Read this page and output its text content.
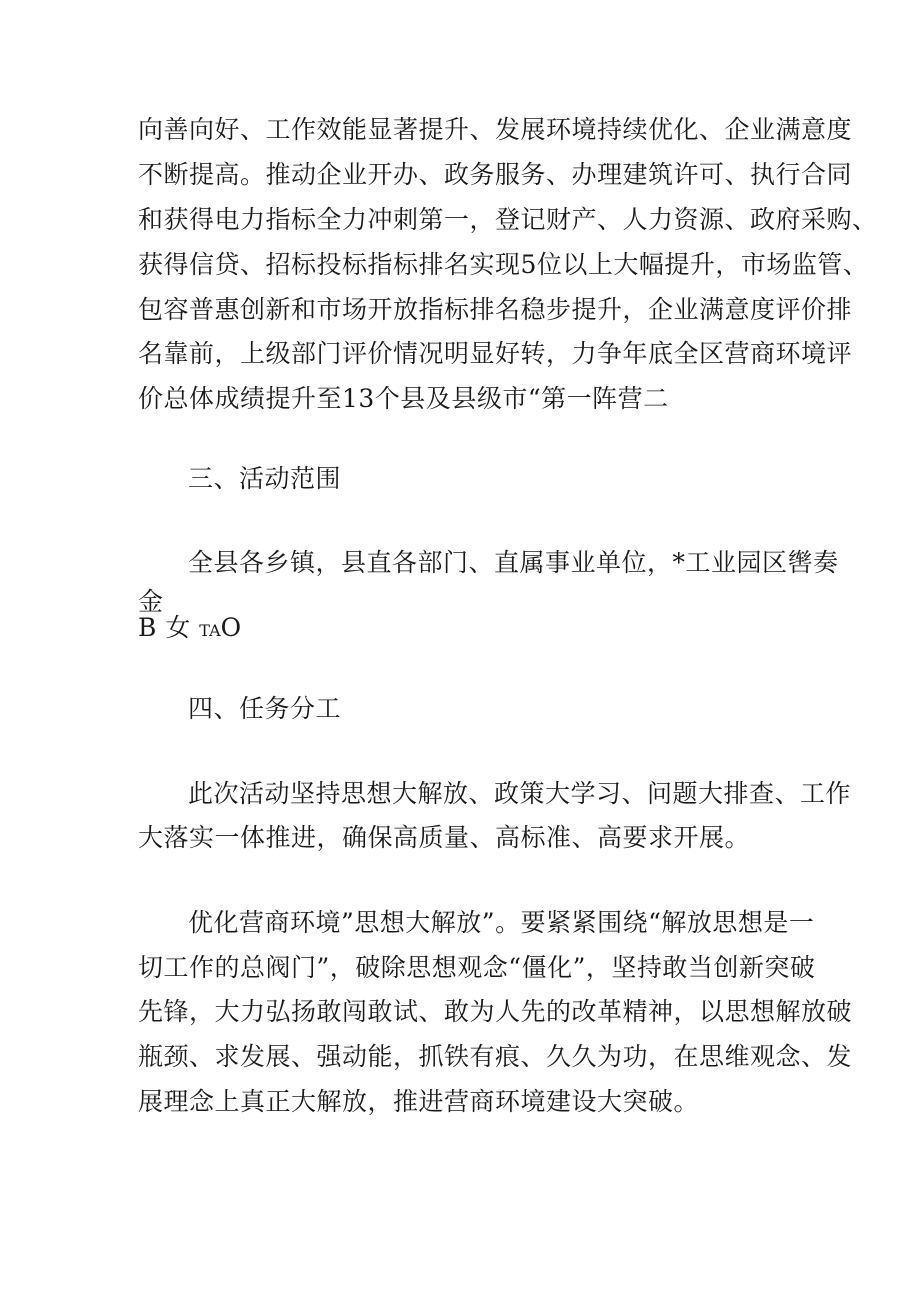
向善向好、工作效能显著提升、发展环境持续优化、企业满意度
不断提高。推动企业开办、政务服务、办理建筑许可、执行合同
和获得电力指标全力冲刺第一，登记财产、人力资源、政府采购、
获得信贷、招标投标指标排名实现5位以上大幅提升，市场监管、
包容普惠创新和市场开放指标排名稳步提升，企业满意度评价排
名靠前，上级部门评价情况明显好转，力争年底全区营商环境评
价总体成绩提升至13个县及县级市“第一阵营二
三、活动范围
全县各乡镇，县直各部门、直属事业单位，*工业园区辔奏
金
B 女 TAO
四、任务分工
此次活动坚持思想大解放、政策大学习、问题大排查、工作
大落实一体推进，确保高质量、高标准、高要求开展。
优化营商环境”思想大解放”。要紧紧围绕“解放思想是一
切工作的总阀门”，破除思想观念“僵化”，坚持敢当创新突破
先锋，大力弘扬敢闯敢试、敢为人先的改革精神，以思想解放破
瓶颈、求发展、强动能，抓铁有痕、久久为功，在思维观念、发
展理念上真正大解放，推进营商环境建设大突破。
